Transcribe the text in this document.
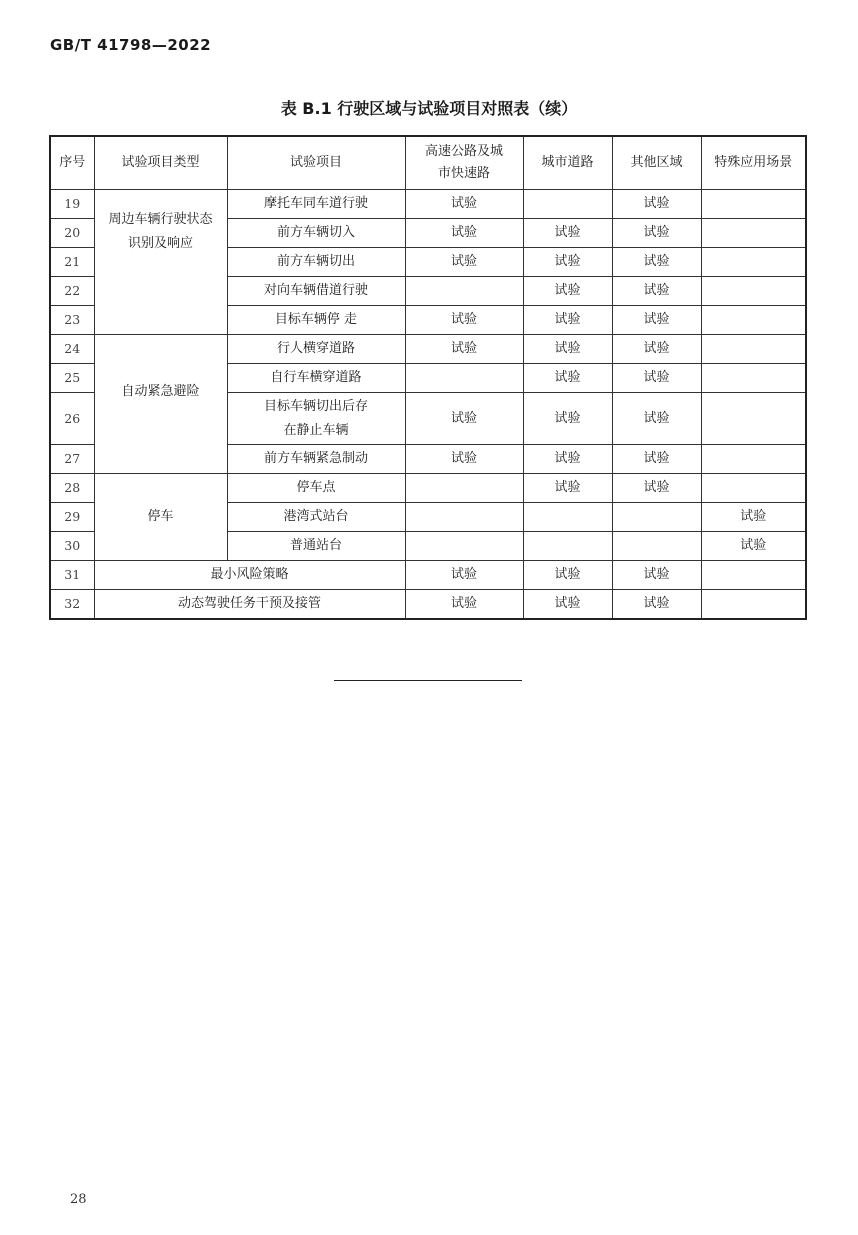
GB/T 41798—2022
表 B.1 行驶区域与试验项目对照表（续）
序号	试验项目类型	试验项目	高速公路及城市快速路	城市道路	其他区域	特殊应用场景
19	周边车辆行驶状态识别及响应	摩托车同车道行驶	试验		试验	
20		前方车辆切入	试验	试验	试验	
21		前方车辆切出	试验	试验	试验	
22		对向车辆借道行驶		试验	试验	
23		目标车辆停 走	试验	试验	试验	
24	自动紧急避险	行人横穿道路	试验	试验	试验	
25		自行车横穿道路		试验	试验	
26		目标车辆切出后存在静止车辆	试验	试验	试验	
27		前方车辆紧急制动	试验	试验	试验	
28	停车	停车点		试验	试验	
29		港湾式站台				试验
30		普通站台				试验
31	最小风险策略		试验	试验	试验	
32	动态驾驶任务干预及接管		试验	试验	试验	
28
